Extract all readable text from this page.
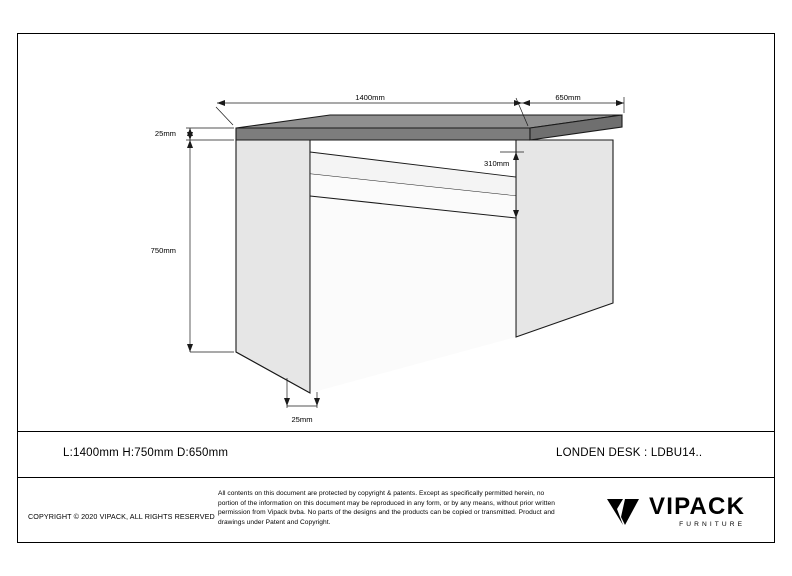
1400mm	650mm
25mm
310mm
750mm
25mm
L:1400mm H:750mm D:650mm	LONDEN DESK : LDBU14..
COPYRIGHT © 2020 VIPACK, ALL RIGHTS RESERVED
All contents on this document are protected by copyright & patents. Except as specifically permitted herein, no portion of the information on this document may be reproduced in any form, or by any means, without prior written permission from Vipack bvba. No parts of the designs and the products can be copied or transmitted. Product and drawings under Patent and Copyright.
VIPACK
FURNITURE
